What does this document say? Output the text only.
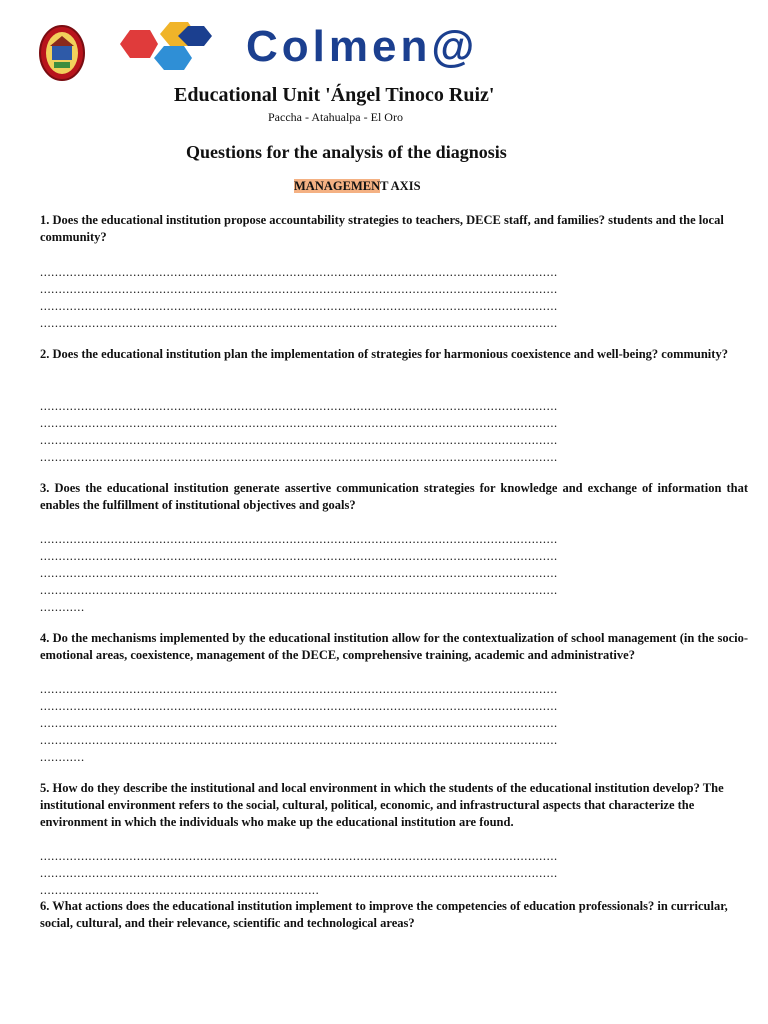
Colmen@
Educational Unit 'Ángel Tinoco Ruiz'
Paccha - Atahualpa - El Oro
Questions for the analysis of the diagnosis
MANAGEMENT AXIS
1. Does the educational institution propose accountability strategies to teachers, DECE staff, and families? students and the local community?
...........................................................................................................................................
...........................................................................................................................................
...........................................................................................................................................
...........................................................................................................................................
2. Does the educational institution plan the implementation of strategies for harmonious coexistence and well-being? community?
...........................................................................................................................................
...........................................................................................................................................
...........................................................................................................................................
...........................................................................................................................................
3. Does the educational institution generate assertive communication strategies for knowledge and exchange of information that enables the fulfillment of institutional objectives and goals?
...........................................................................................................................................
...........................................................................................................................................
...........................................................................................................................................
...........................................................................................................................................
............
4. Do the mechanisms implemented by the educational institution allow for the contextualization of school management (in the socio-emotional areas, coexistence, management of the DECE, comprehensive training, academic and administrative?
...........................................................................................................................................
...........................................................................................................................................
...........................................................................................................................................
...........................................................................................................................................
............
5. How do they describe the institutional and local environment in which the students of the educational institution develop? The institutional environment refers to the social, cultural, political, economic, and infrastructural aspects that characterize the environment in which the individuals who make up the educational institution are found.
...........................................................................................................................................
...........................................................................................................................................
...........................................................................
6. What actions does the educational institution implement to improve the competencies of education professionals? in curricular, social, cultural, and their relevance, scientific and technological areas?
